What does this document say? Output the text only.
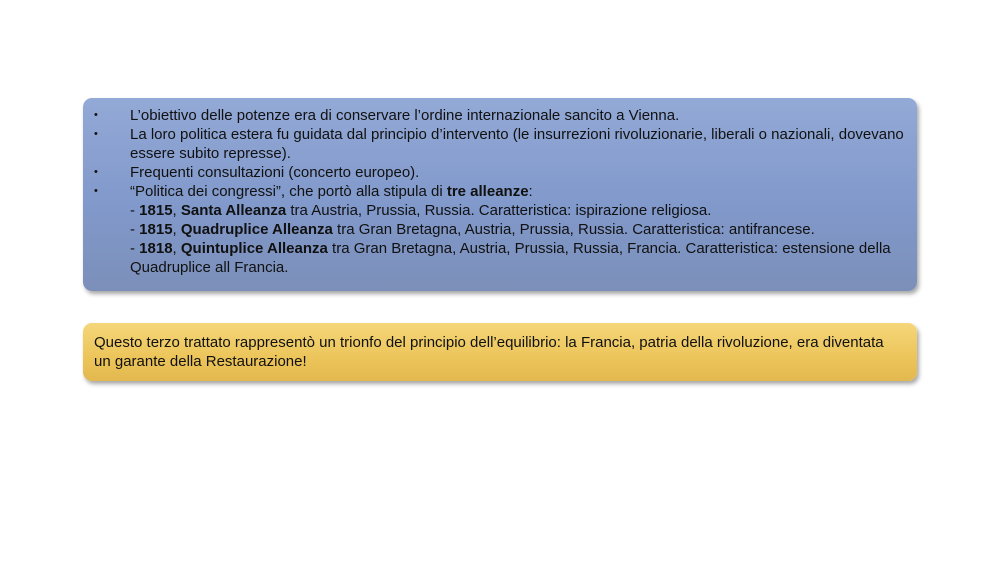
• L’obiettivo delle potenze era di conservare l’ordine internazionale sancito a Vienna.
• La loro politica estera fu guidata dal principio d’intervento (le insurrezioni rivoluzionarie, liberali o nazionali, dovevano essere subito represse).
• Frequenti consultazioni (concerto europeo).
• “Politica dei congressi”, che portò alla stipula di tre alleanze:
- 1815, Santa Alleanza tra Austria, Prussia, Russia. Caratteristica: ispirazione religiosa.
- 1815, Quadruplice Alleanza tra Gran Bretagna, Austria, Prussia, Russia. Caratteristica: antifrancese.
- 1818, Quintuplice Alleanza tra Gran Bretagna, Austria, Prussia, Russia, Francia. Caratteristica: estensione della Quadruplice all Francia.
Questo terzo trattato rappresentò un trionfo del principio dell’equilibrio: la Francia, patria della rivoluzione, era diventata un garante della Restaurazione!
